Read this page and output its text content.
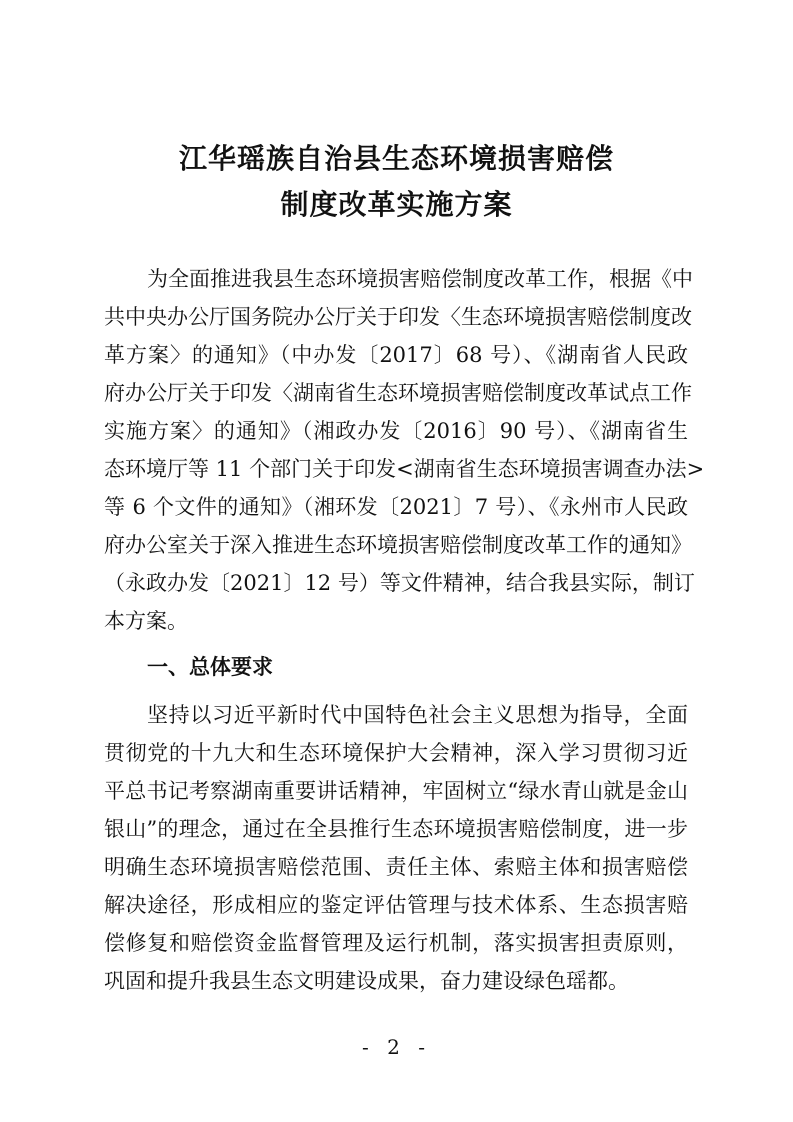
江华瑶族自治县生态环境损害赔偿
制度改革实施方案
为全面推进我县生态环境损害赔偿制度改革工作，根据《中
共中央办公厅国务院办公厅关于印发〈生态环境损害赔偿制度改
革方案〉的通知》（中办发〔2017〕68 号）、《湖南省人民政
府办公厅关于印发〈湖南省生态环境损害赔偿制度改革试点工作
实施方案〉的通知》（湘政办发〔2016〕90 号）、《湖南省生
态环境厅等 11 个部门关于印发<湖南省生态环境损害调查办法>
等 6 个文件的通知》（湘环发〔2021〕7 号）、《永州市人民政
府办公室关于深入推进生态环境损害赔偿制度改革工作的通知》
（永政办发〔2021〕12 号）等文件精神，结合我县实际，制订
本方案。
一、总体要求
坚持以习近平新时代中国特色社会主义思想为指导，全面
贯彻党的十九大和生态环境保护大会精神，深入学习贯彻习近
平总书记考察湖南重要讲话精神，牢固树立“绿水青山就是金山
银山”的理念，通过在全县推行生态环境损害赔偿制度，进一步
明确生态环境损害赔偿范围、责任主体、索赔主体和损害赔偿
解决途径，形成相应的鉴定评估管理与技术体系、生态损害赔
偿修复和赔偿资金监督管理及运行机制，落实损害担责原则，
巩固和提升我县生态文明建设成果，奋力建设绿色瑶都。
- 2 -
